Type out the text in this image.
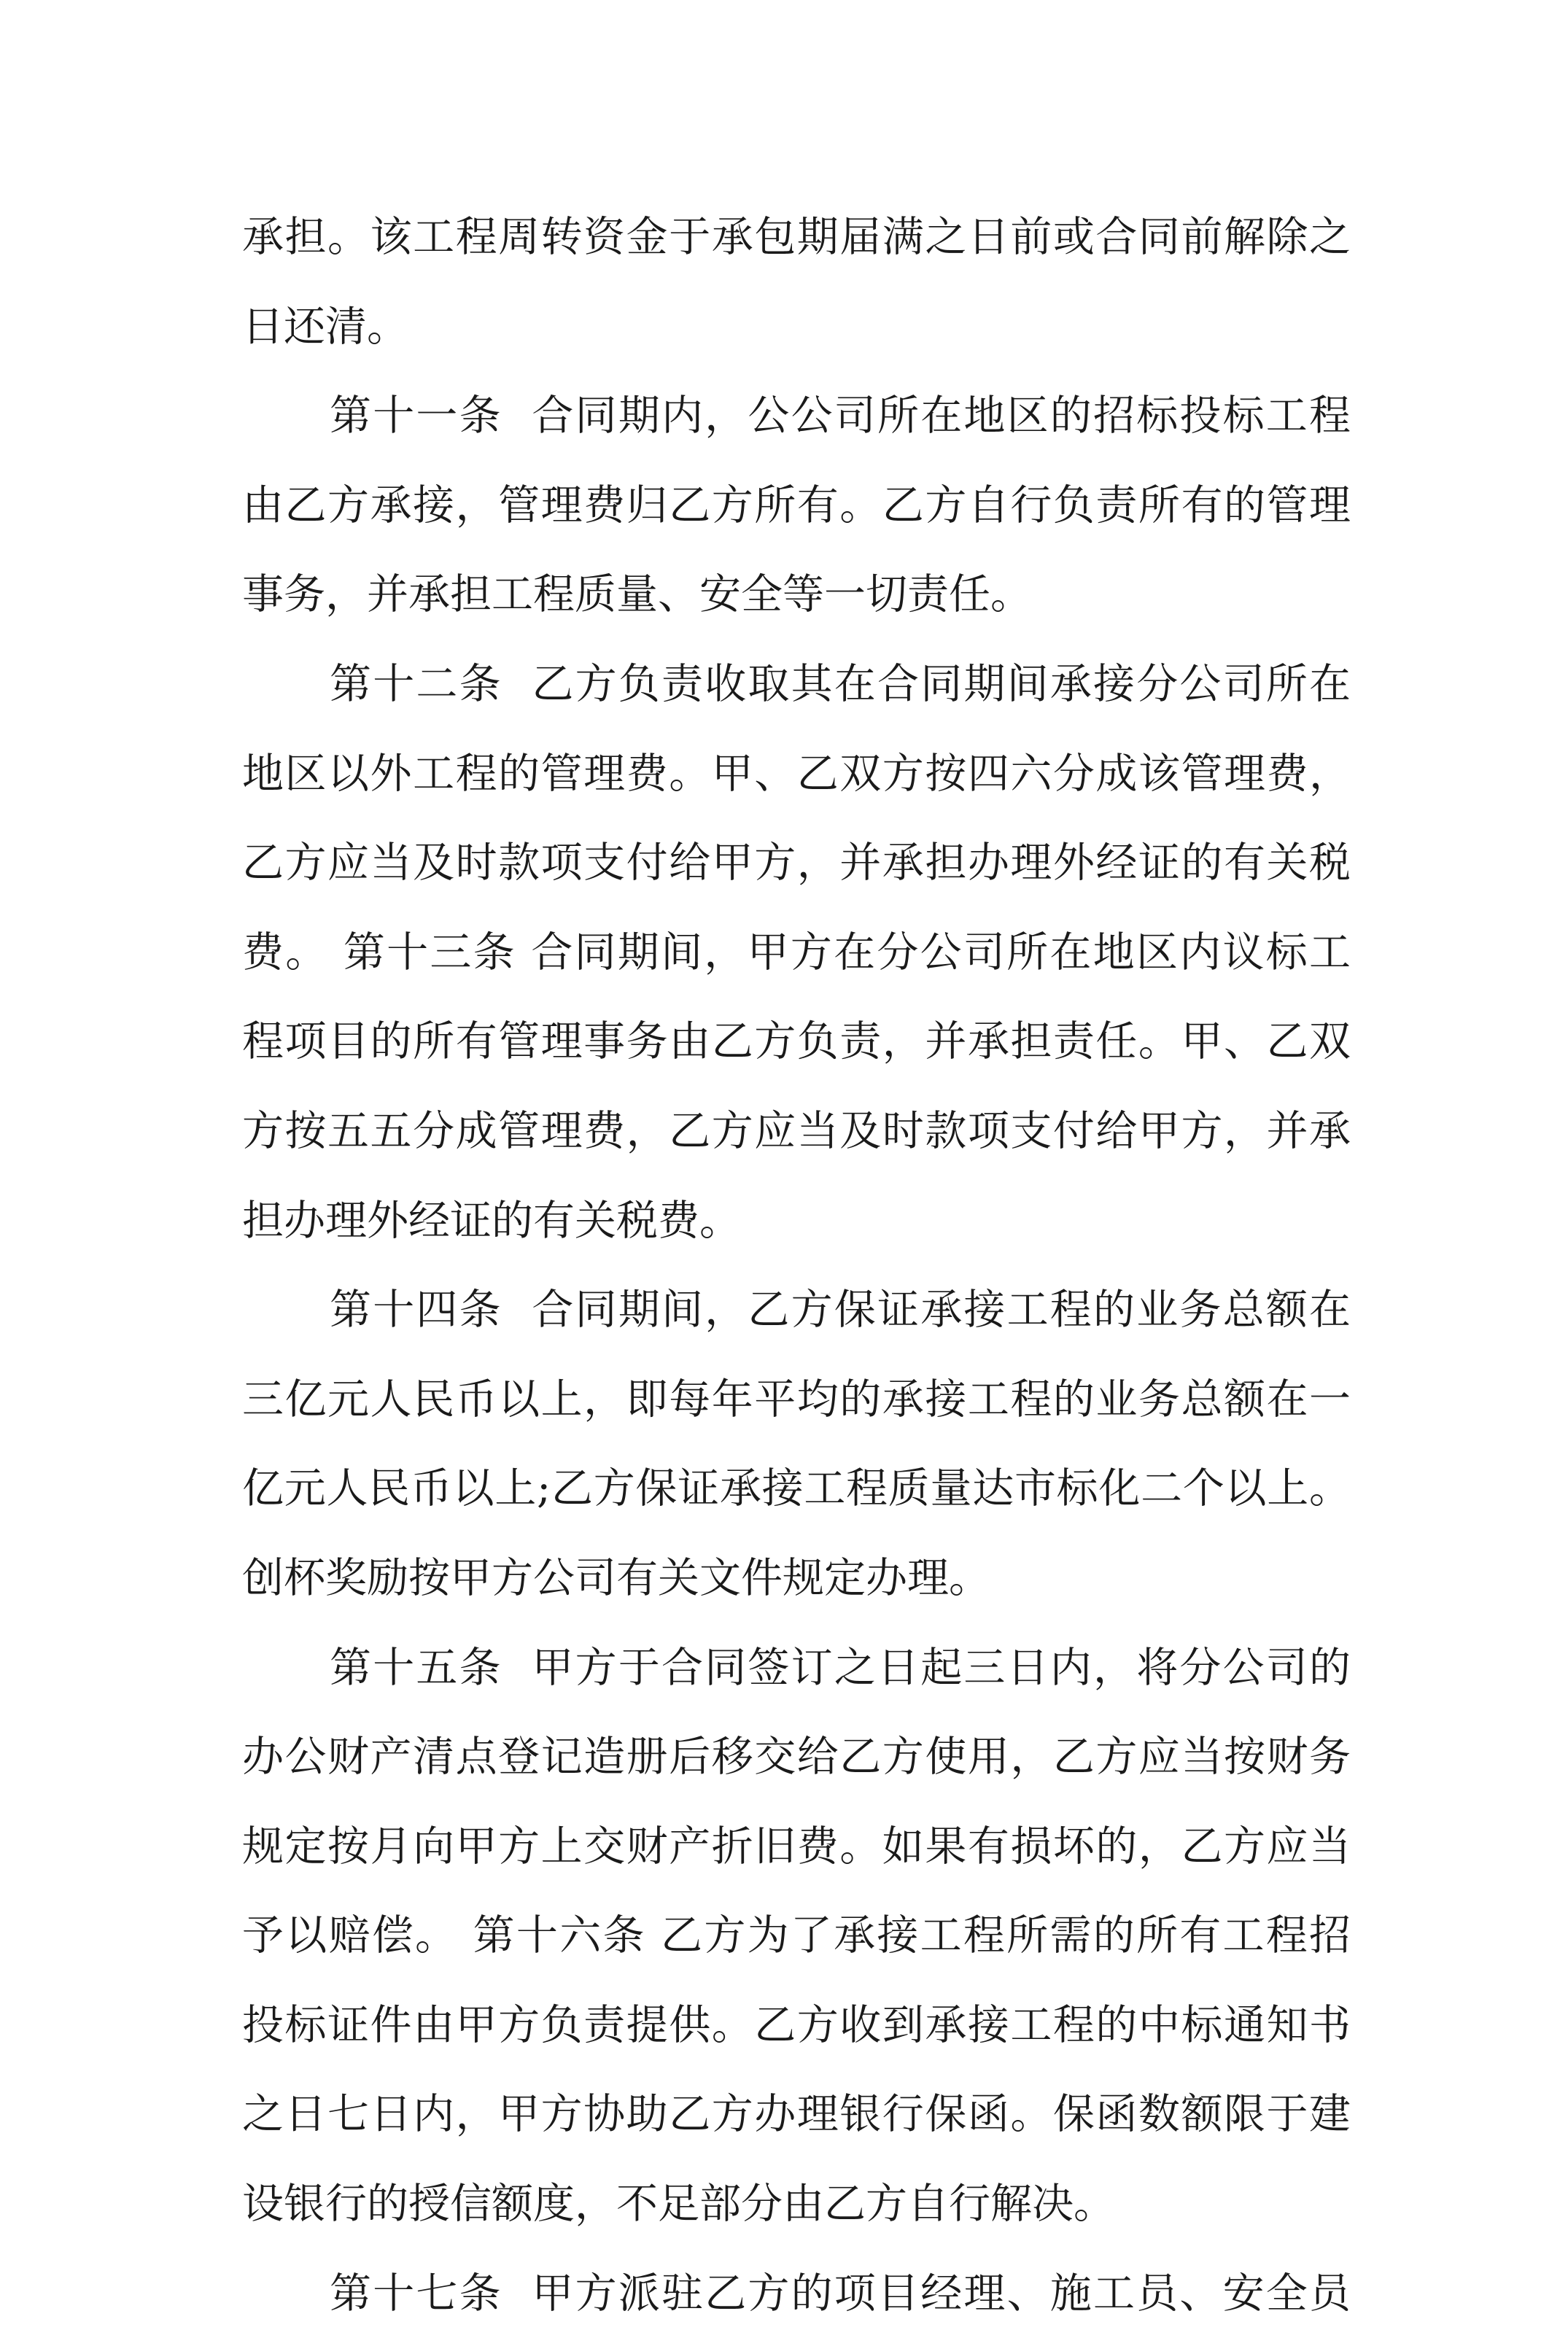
承担。该工程周转资金于承包期届满之日前或合同前解除之
日还清。
第十一条  合同期内，公公司所在地区的招标投标工程
由乙方承接，管理费归乙方所有。乙方自行负责所有的管理
事务，并承担工程质量、安全等一切责任。
第十二条  乙方负责收取其在合同期间承接分公司所在
地区以外工程的管理费。甲、乙双方按四六分成该管理费，
乙方应当及时款项支付给甲方，并承担办理外经证的有关税
费。 第十三条 合同期间，甲方在分公司所在地区内议标工
程项目的所有管理事务由乙方负责，并承担责任。甲、乙双
方按五五分成管理费，乙方应当及时款项支付给甲方，并承
担办理外经证的有关税费。
第十四条  合同期间，乙方保证承接工程的业务总额在
三亿元人民币以上，即每年平均的承接工程的业务总额在一
亿元人民币以上;乙方保证承接工程质量达市标化二个以上。
创杯奖励按甲方公司有关文件规定办理。
第十五条  甲方于合同签订之日起三日内，将分公司的
办公财产清点登记造册后移交给乙方使用，乙方应当按财务
规定按月向甲方上交财产折旧费。如果有损坏的，乙方应当
予以赔偿。 第十六条 乙方为了承接工程所需的所有工程招
投标证件由甲方负责提供。乙方收到承接工程的中标通知书
之日七日内，甲方协助乙方办理银行保函。保函数额限于建
设银行的授信额度，不足部分由乙方自行解决。
第十七条  甲方派驻乙方的项目经理、施工员、安全员
